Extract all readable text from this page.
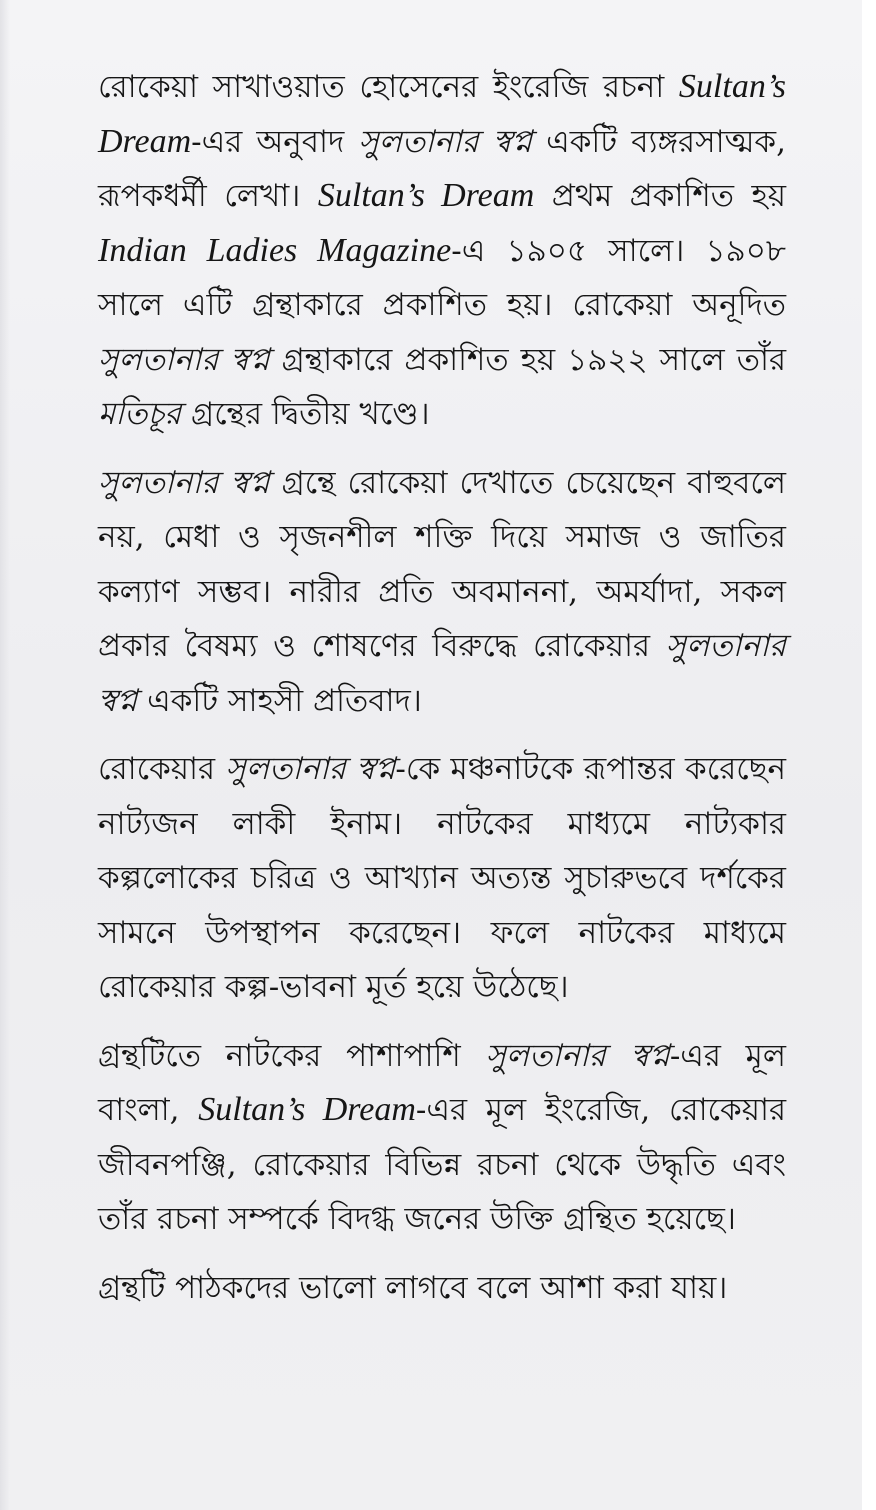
রোকেয়া সাখাওয়াত হোসেনের ইংরেজি রচনা Sultan’s Dream-এর অনুবাদ সুলতানার স্বপ্ন একটি ব্যঙ্গরসাত্মক, রূপকধর্মী লেখা। Sultan’s Dream প্রথম প্রকাশিত হয় Indian Ladies Magazine-এ ১৯০৫ সালে। ১৯০৮ সালে এটি গ্রন্থাকারে প্রকাশিত হয়। রোকেয়া অনূদিত সুলতানার স্বপ্ন গ্রন্থাকারে প্রকাশিত হয় ১৯২২ সালে তাঁর মতিচূর গ্রন্থের দ্বিতীয় খণ্ডে।

সুলতানার স্বপ্ন গ্রন্থে রোকেয়া দেখাতে চেয়েছেন বাহুবলে নয়, মেধা ও সৃজনশীল শক্তি দিয়ে সমাজ ও জাতির কল্যাণ সম্ভব। নারীর প্রতি অবমাননা, অমর্যাদা, সকল প্রকার বৈষম্য ও শোষণের বিরুদ্ধে রোকেয়ার সুলতানার স্বপ্ন একটি সাহসী প্রতিবাদ।

রোকেয়ার সুলতানার স্বপ্ন-কে মঞ্চনাটকে রূপান্তর করেছেন নাট্যজন লাকী ইনাম। নাটকের মাধ্যমে নাট্যকার কল্পলোকের চরিত্র ও আখ্যান অত্যন্ত সুচারুভবে দর্শকের সামনে উপস্থাপন করেছেন। ফলে নাটকের মাধ্যমে রোকেয়ার কল্প-ভাবনা মূর্ত হয়ে উঠেছে।

গ্রন্থটিতে নাটকের পাশাপাশি সুলতানার স্বপ্ন-এর মূল বাংলা, Sultan’s Dream-এর মূল ইংরেজি, রোকেয়ার জীবনপঞ্জি, রোকেয়ার বিভিন্ন রচনা থেকে উদ্ধৃতি এবং তাঁর রচনা সম্পর্কে বিদগ্ধ জনের উক্তি গ্রন্থিত হয়েছে।

গ্রন্থটি পাঠকদের ভালো লাগবে বলে আশা করা যায়।
